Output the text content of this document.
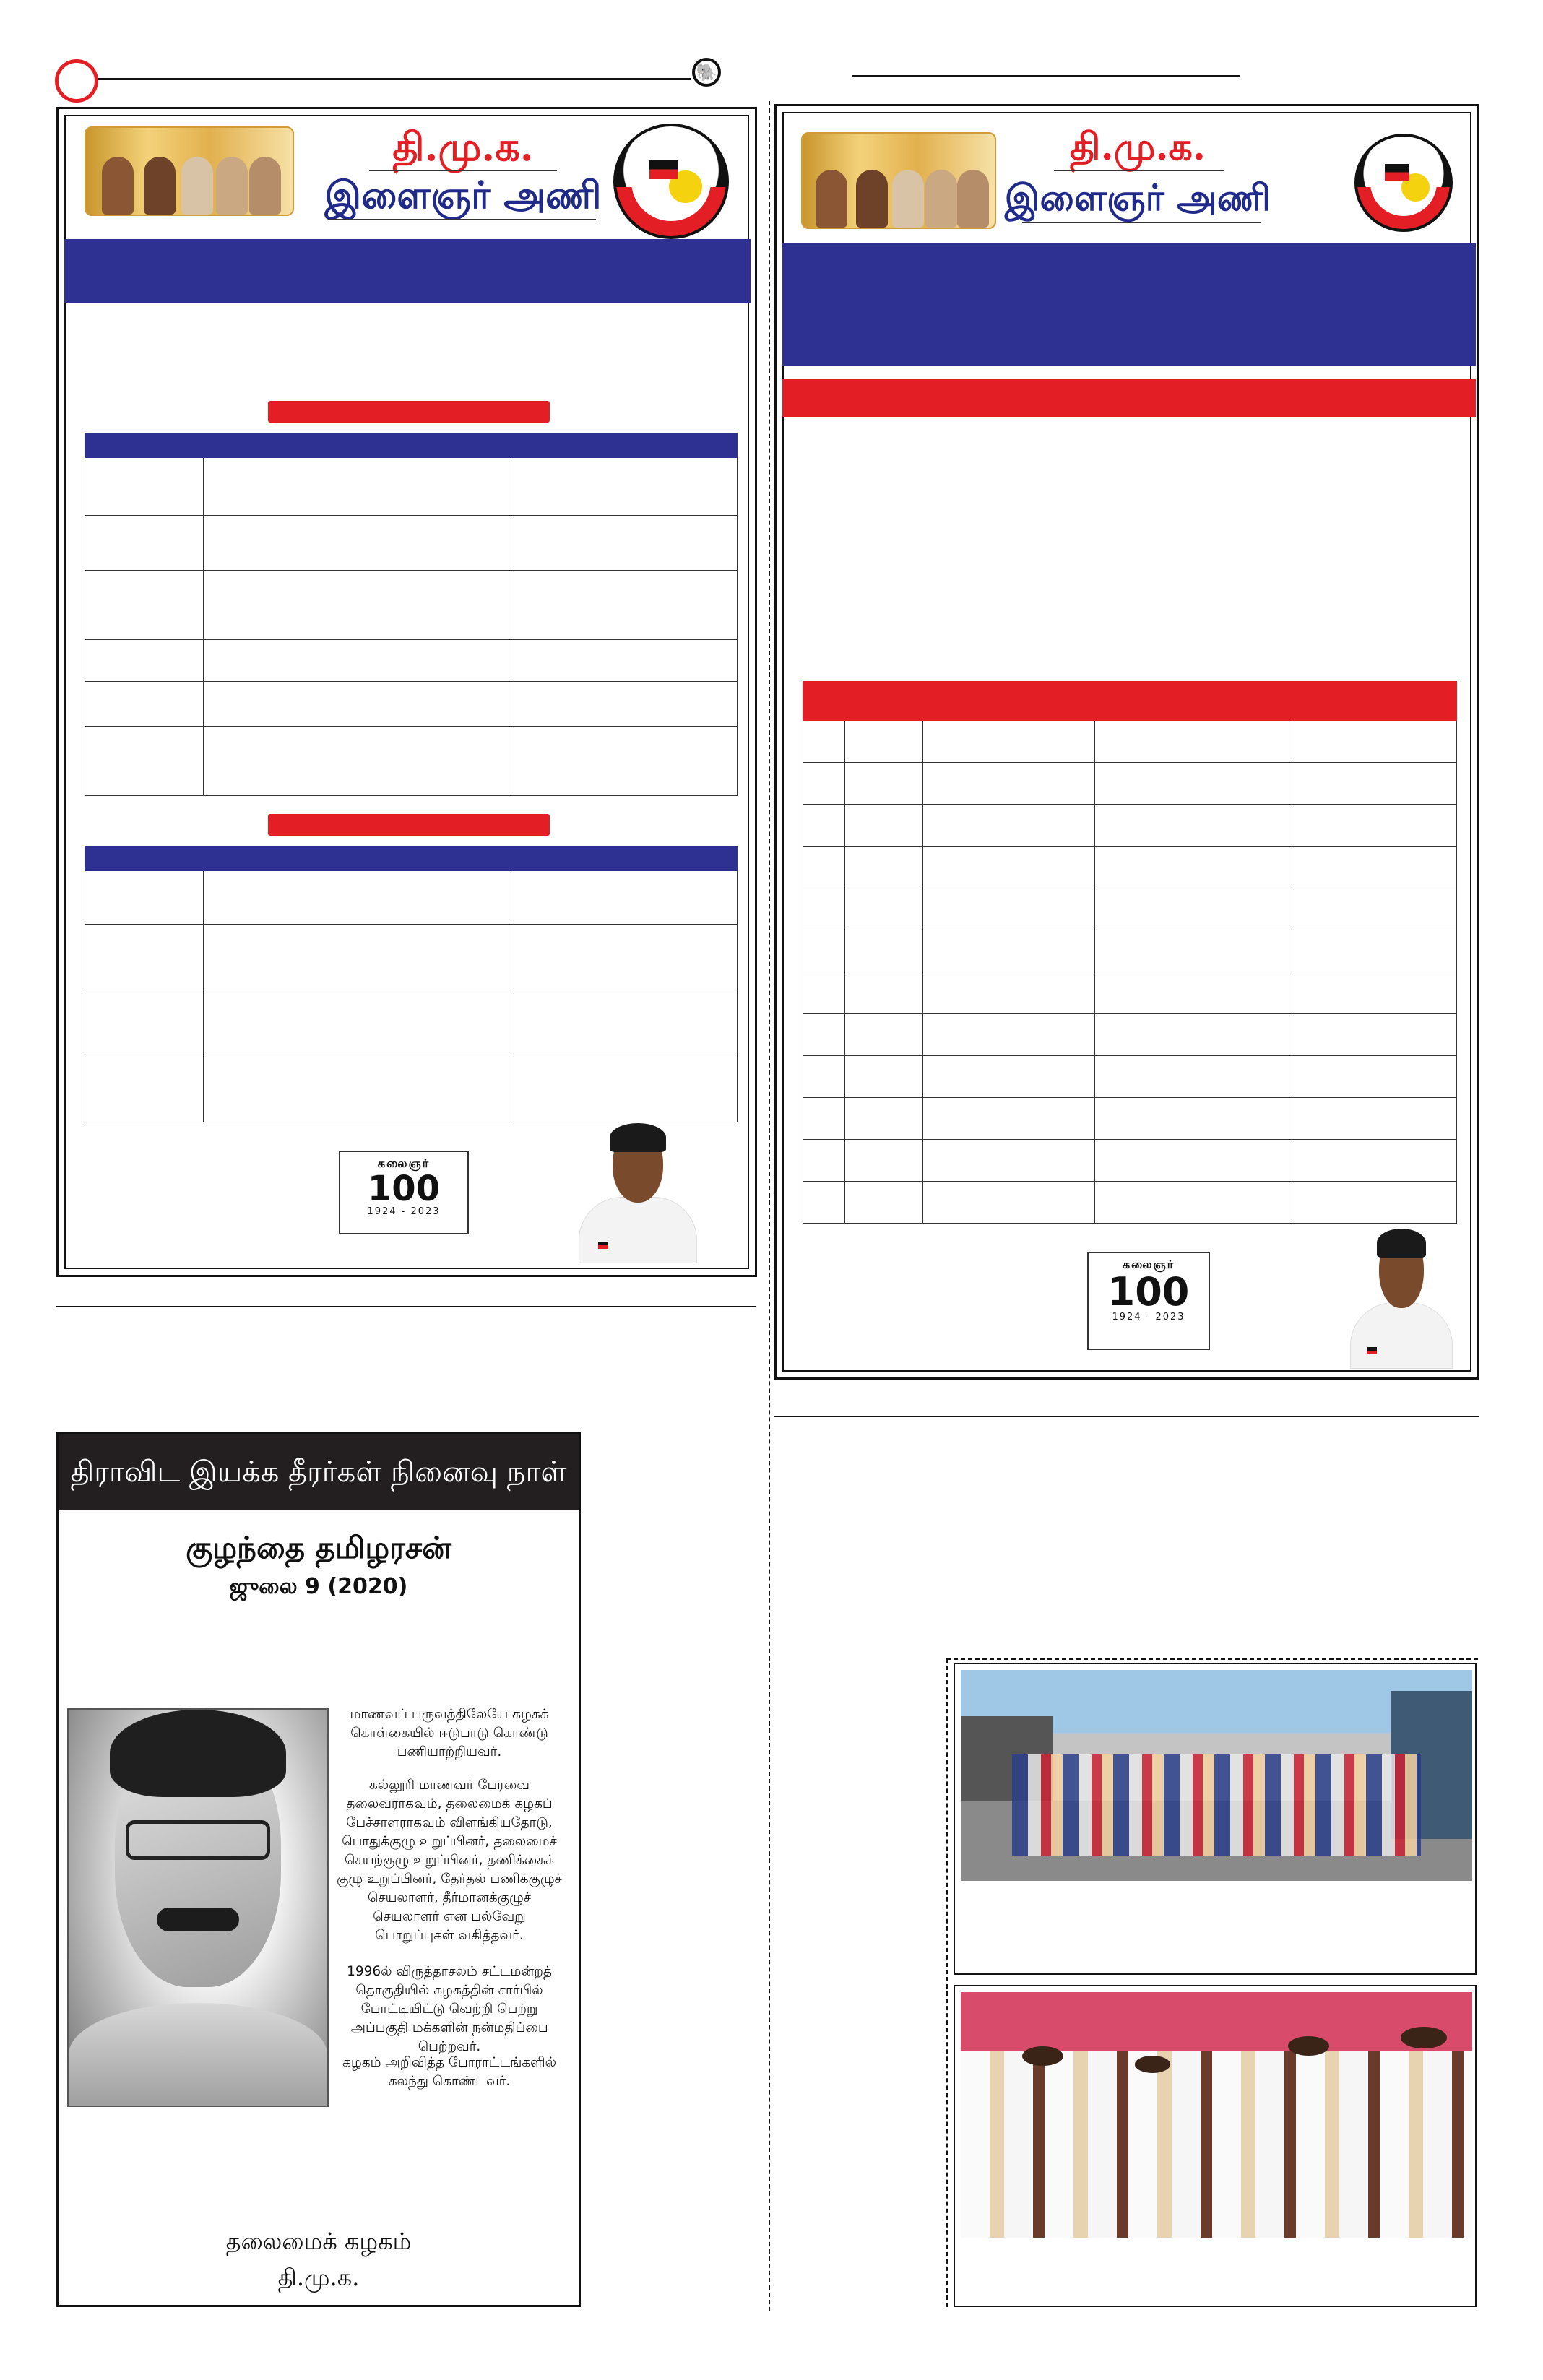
🐘
தி.மு.க.
இளைஞர் அணி

கலைஞர்
100
1924 - 2023
தி.மு.க.
இளைஞர் அணி

கலைஞர்
100
1924 - 2023
திராவிட இயக்க தீரர்கள் நினைவு நாள்
குழந்தை தமிழரசன்
ஜுலை 9 (2020)
மாணவப் பருவத்திலேயே கழகக் கொள்கையில் ஈடுபாடு கொண்டு பணியாற்றியவர்.
கல்லூரி மாணவர் பேரவை தலைவராகவும், தலைமைக் கழகப் பேச்சாளராகவும் விளங்கியதோடு, பொதுக்குழு உறுப்பினர், தலைமைச் செயற்குழு உறுப்பினர், தணிக்கைக் குழு உறுப்பினர், தேர்தல் பணிக்குழுச் செயலாளர், தீர்மானக்குழுச் செயலாளர் என பல்வேறு பொறுப்புகள் வகித்தவர்.
1996ல் விருத்தாசலம் சட்டமன்றத் தொகுதியில் கழகத்தின் சார்பில் போட்டியிட்டு வெற்றி பெற்று அப்பகுதி மக்களின் நன்மதிப்பை பெற்றவர்.
கழகம் அறிவித்த போராட்டங்களில் கலந்து கொண்டவர்.
தலைமைக் கழகம்
தி.மு.க.
